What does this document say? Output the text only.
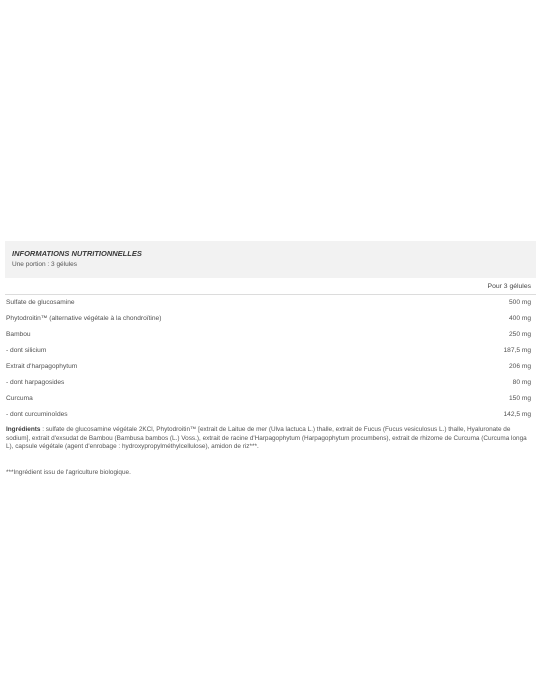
INFORMATIONS NUTRITIONNELLES
Une portion : 3 gélules
Pour 3 gélules
Sulfate de glucosamine	500 mg
Phytodroitin™ (alternative végétale à la chondroïtine)	400 mg
Bambou	250 mg
- dont silicium	187,5 mg
Extrait d'harpagophytum	206 mg
- dont harpagosides	80 mg
Curcuma	150 mg
- dont curcuminoïdes	142,5 mg

Ingrédients : sulfate de glucosamine végétale 2KCl, Phytodroitin™ [extrait de Laitue de mer (Ulva lactuca L.) thalle, extrait de Fucus (Fucus vesiculosus L.) thalle, Hyaluronate de sodium], extrait d'exsudat de Bambou (Bambusa bambos (L.) Voss.), extrait de racine d'Harpagophytum (Harpagophytum procumbens), extrait de rhizome de Curcuma (Curcuma longa L), capsule végétale (agent d'enrobage : hydroxypropylméthylcellulose), amidon de riz***.

***Ingrédient issu de l'agriculture biologique.
